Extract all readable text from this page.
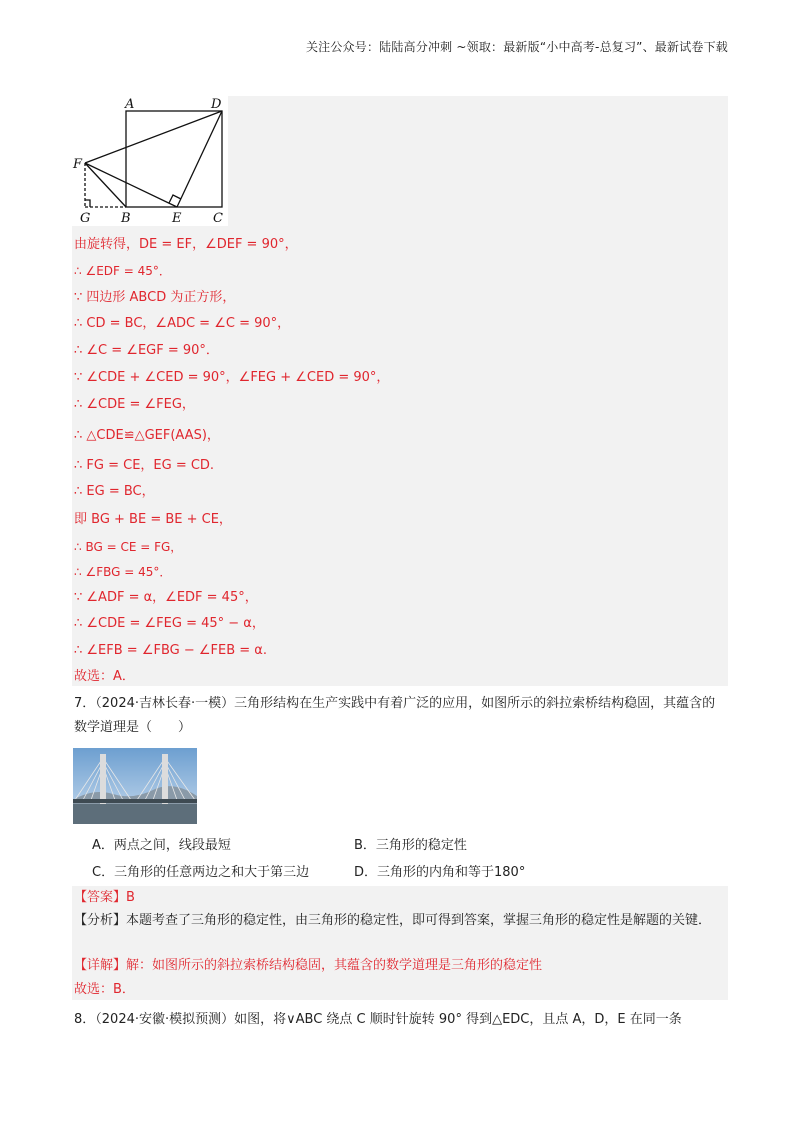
关注公众号：陆陆高分冲刺 ~领取：最新版“小中高考-总复习”、最新试卷下载
A	D
F
G B	E C
由旋转得，DE = EF，∠DEF = 90°，
∴ ∠EDF = 45°．
∵ 四边形 ABCD 为正方形，
∴ CD = BC，∠ADC = ∠C = 90°，
∴ ∠C = ∠EGF = 90°．
∵ ∠CDE + ∠CED = 90°，∠FEG + ∠CED = 90°，
∴ ∠CDE = ∠FEG，
∴ △CDE≌△GEF(AAS)，
∴ FG = CE，EG = CD.
∴ EG = BC，
即 BG + BE = BE + CE，
∴ BG = CE = FG，
∴ ∠FBG = 45°．
∵ ∠ADF = α，∠EDF = 45°，
∴ ∠CDE = ∠FEG = 45° − α，
∴ ∠EFB = ∠FBG − ∠FEB = α.
故选：A．
7．（2024·吉林长春·一模）三角形结构在生产实践中有着广泛的应用，如图所示的斜拉索桥结构稳固，其蕴含的数学道理是（　　）
A．两点之间，线段最短	B．三角形的稳定性
C．三角形的任意两边之和大于第三边	D．三角形的内角和等于180°
【答案】B
【分析】本题考查了三角形的稳定性，由三角形的稳定性，即可得到答案，掌握三角形的稳定性是解题的关键．
【详解】解：如图所示的斜拉索桥结构稳固，其蕴含的数学道理是三角形的稳定性
故选：B．
8．（2024·安徽·模拟预测）如图，将∨ABC 绕点 C 顺时针旋转 90° 得到△EDC，且点 A，D，E 在同一条
